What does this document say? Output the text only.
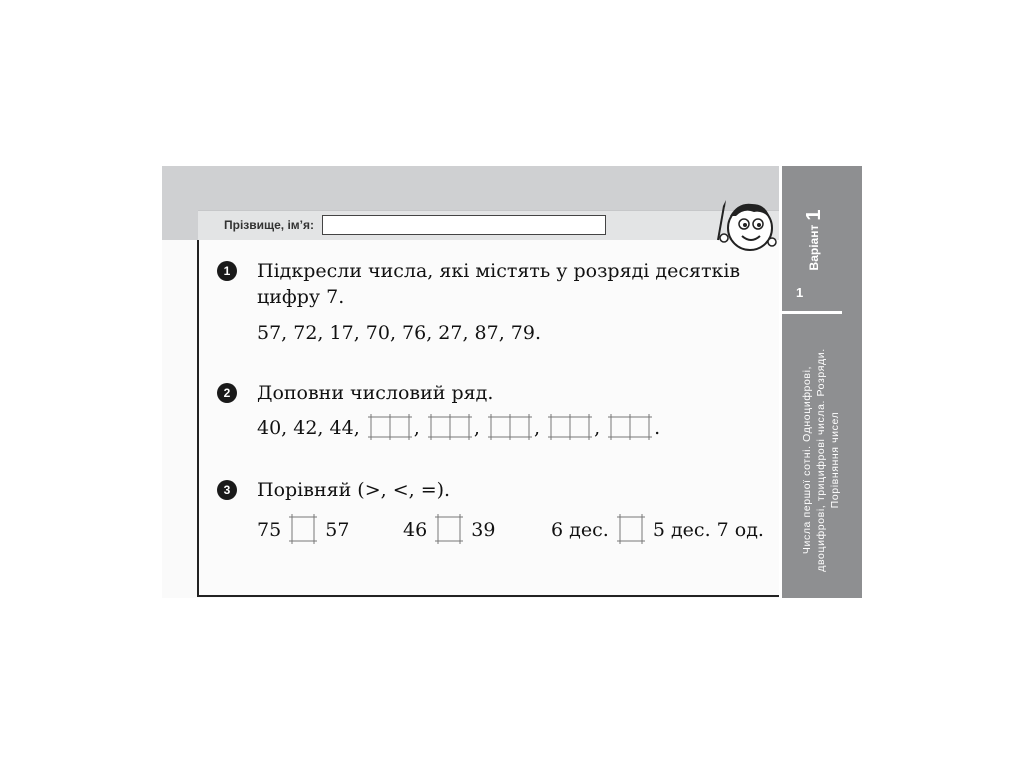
Прізвище, ім’я:	Варіант
1
1
Числа першої сотні. Одноцифрові, двоцифрові, трицифрові числа. Розряди. Порівняння чисел
1	Підкресли числа, які містять у розряді десятків
цифру 7.
57, 72, 17, 70, 76, 27, 87, 79.
2	Доповни числовий ряд.
40, 42, 44,	,	,	,	,	.
3	Порівняй (>, <, =).
75 57	46 39	6 дес. 5 дес. 7 од.
